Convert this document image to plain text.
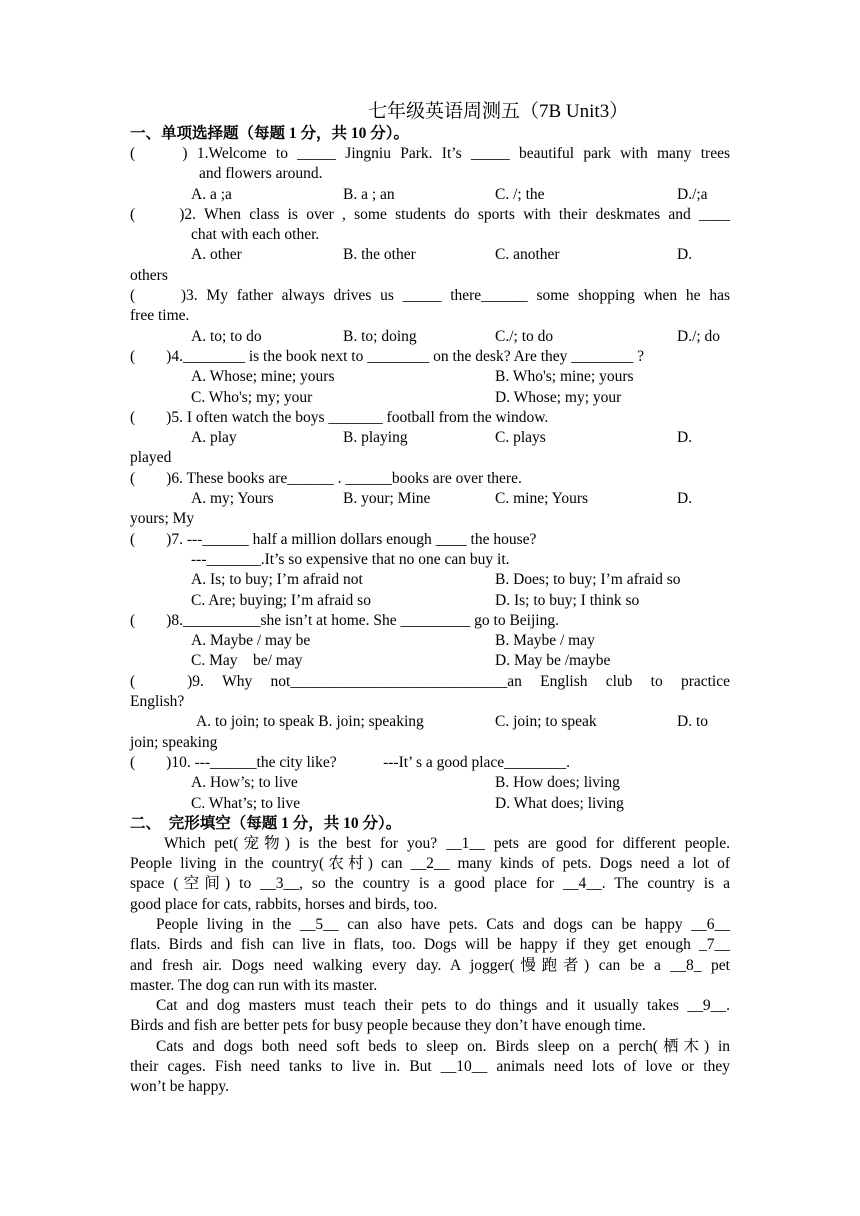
七年级英语周测五（7B Unit3）
一、单项选择题（每题 1 分，共 10 分）。
(　　) 1.Welcome to _____ Jingniu Park. It’s _____ beautiful park with many trees
and flowers around.
A. a ;a	B. a ; an	C. /; the	D./;a
(　　)2. When class is over , some students do sports with their deskmates and ____
chat with each other.
A. other	B. the other	C. another	D.
others
(　　)3. My father always drives us _____ there______ some shopping when he has
free time.
A. to; to do	B. to; doing	C./; to do	D./; do
(　　)4.________ is the book next to ________ on the desk? Are they ________ ?
A. Whose; mine; yours	B. Who's; mine; yours
C. Who's; my; your	D. Whose; my; your
(　　)5. I often watch the boys _______ football from the window.
A. play	B. playing	C. plays	D.
played
(　　)6. These books are______ . ______books are over there.
A. my; Yours	B. your; Mine	C. mine; Yours	D.
yours; My
(　　)7. ---______ half a million dollars enough ____ the house?
---_______.It’s so expensive that no one can buy it.
A. Is; to buy; I’m afraid not	B. Does; to buy; I’m afraid so
C. Are; buying; I’m afraid so	D. Is; to buy; I think so
(　　)8.__________she isn’t at home. She _________ go to Beijing.
A. Maybe / may be	B. Maybe / may
C. May　be/ may	D. May be /maybe
(　　　)9.　Why　not____________________________an　English　club　to　practice
English?
A. to join; to speak B. join; speaking	C. join; to speak	D. to
join; speaking
(　　)10. ---______the city like?　　　---It’ s a good place________.
A. How’s; to live	B. How does; living
C. What’s; to live	D. What does; living
二、　完形填空（每题 1 分，共 10 分）。
Which pet(宠物) is the best for you? __1__ pets are good for different people.
People living in the country(农村) can __2__ many kinds of pets. Dogs need a lot of
space (空间) to __3__, so the country is a good place for __4__. The country is a
good place for cats, rabbits, horses and birds, too.
People living in the __5__ can also have pets. Cats and dogs can be happy __6__
flats. Birds and fish can live in flats, too. Dogs will be happy if they get enough _7__
and fresh air. Dogs need walking every day. A jogger(慢跑者) can be a __8_ pet
master. The dog can run with its master.
Cat and dog masters must teach their pets to do things and it usually takes __9__.
Birds and fish are better pets for busy people because they don’t have enough time.
Cats and dogs both need soft beds to sleep on. Birds sleep on a perch(栖木) in
their cages. Fish need tanks to live in. But __10__ animals need lots of love or they
won’t be happy.
